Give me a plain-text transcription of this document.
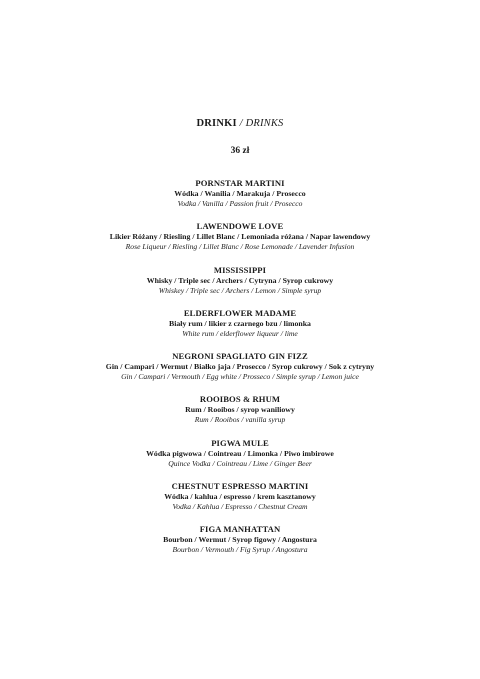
DRINKI / DRINKS
36 zł
PORNSTAR MARTINI
Wódka / Wanilia / Marakuja / Prosecco
Vodka / Vanilla / Passion fruit / Prosecco
LAWENDOWE LOVE
Likier Różany / Riesling / Lillet Blanc / Lemoniada różana / Napar lawendowy
Rose Liqueur / Riesling / Lillet Blanc / Rose Lemonade / Lavender Infusion
MISSISSIPPI
Whisky / Triple sec / Archers / Cytryna / Syrop cukrowy
Whiskey / Triple sec / Archers / Lemon / Simple syrup
ELDERFLOWER MADAME
Biały rum / likier z czarnego bzu / limonka
White rum / elderflower liqueur / lime
NEGRONI SPAGLIATO GIN FIZZ
Gin / Campari / Wermut / Białko jaja / Prosecco / Syrop cukrowy / Sok z cytryny
Gin / Campari / Vermouth / Egg white / Prosseco / Simple syrup / Lemon juice
ROOIBOS & RHUM
Rum / Rooibos / syrop waniliowy
Rum / Rooibos / vanilla syrup
PIGWA MULE
Wódka pigwowa / Cointreau / Limonka / Piwo imbirowe
Quince Vodka / Cointreau / Lime / Ginger Beer
CHESTNUT ESPRESSO MARTINI
Wódka / kahlua / espresso / krem kasztanowy
Vodka / Kahlua / Espresso / Chestnut Cream
FIGA MANHATTAN
Bourbon / Wermut / Syrop figowy / Angostura
Bourbon / Vermouth / Fig Syrup / Angostura
